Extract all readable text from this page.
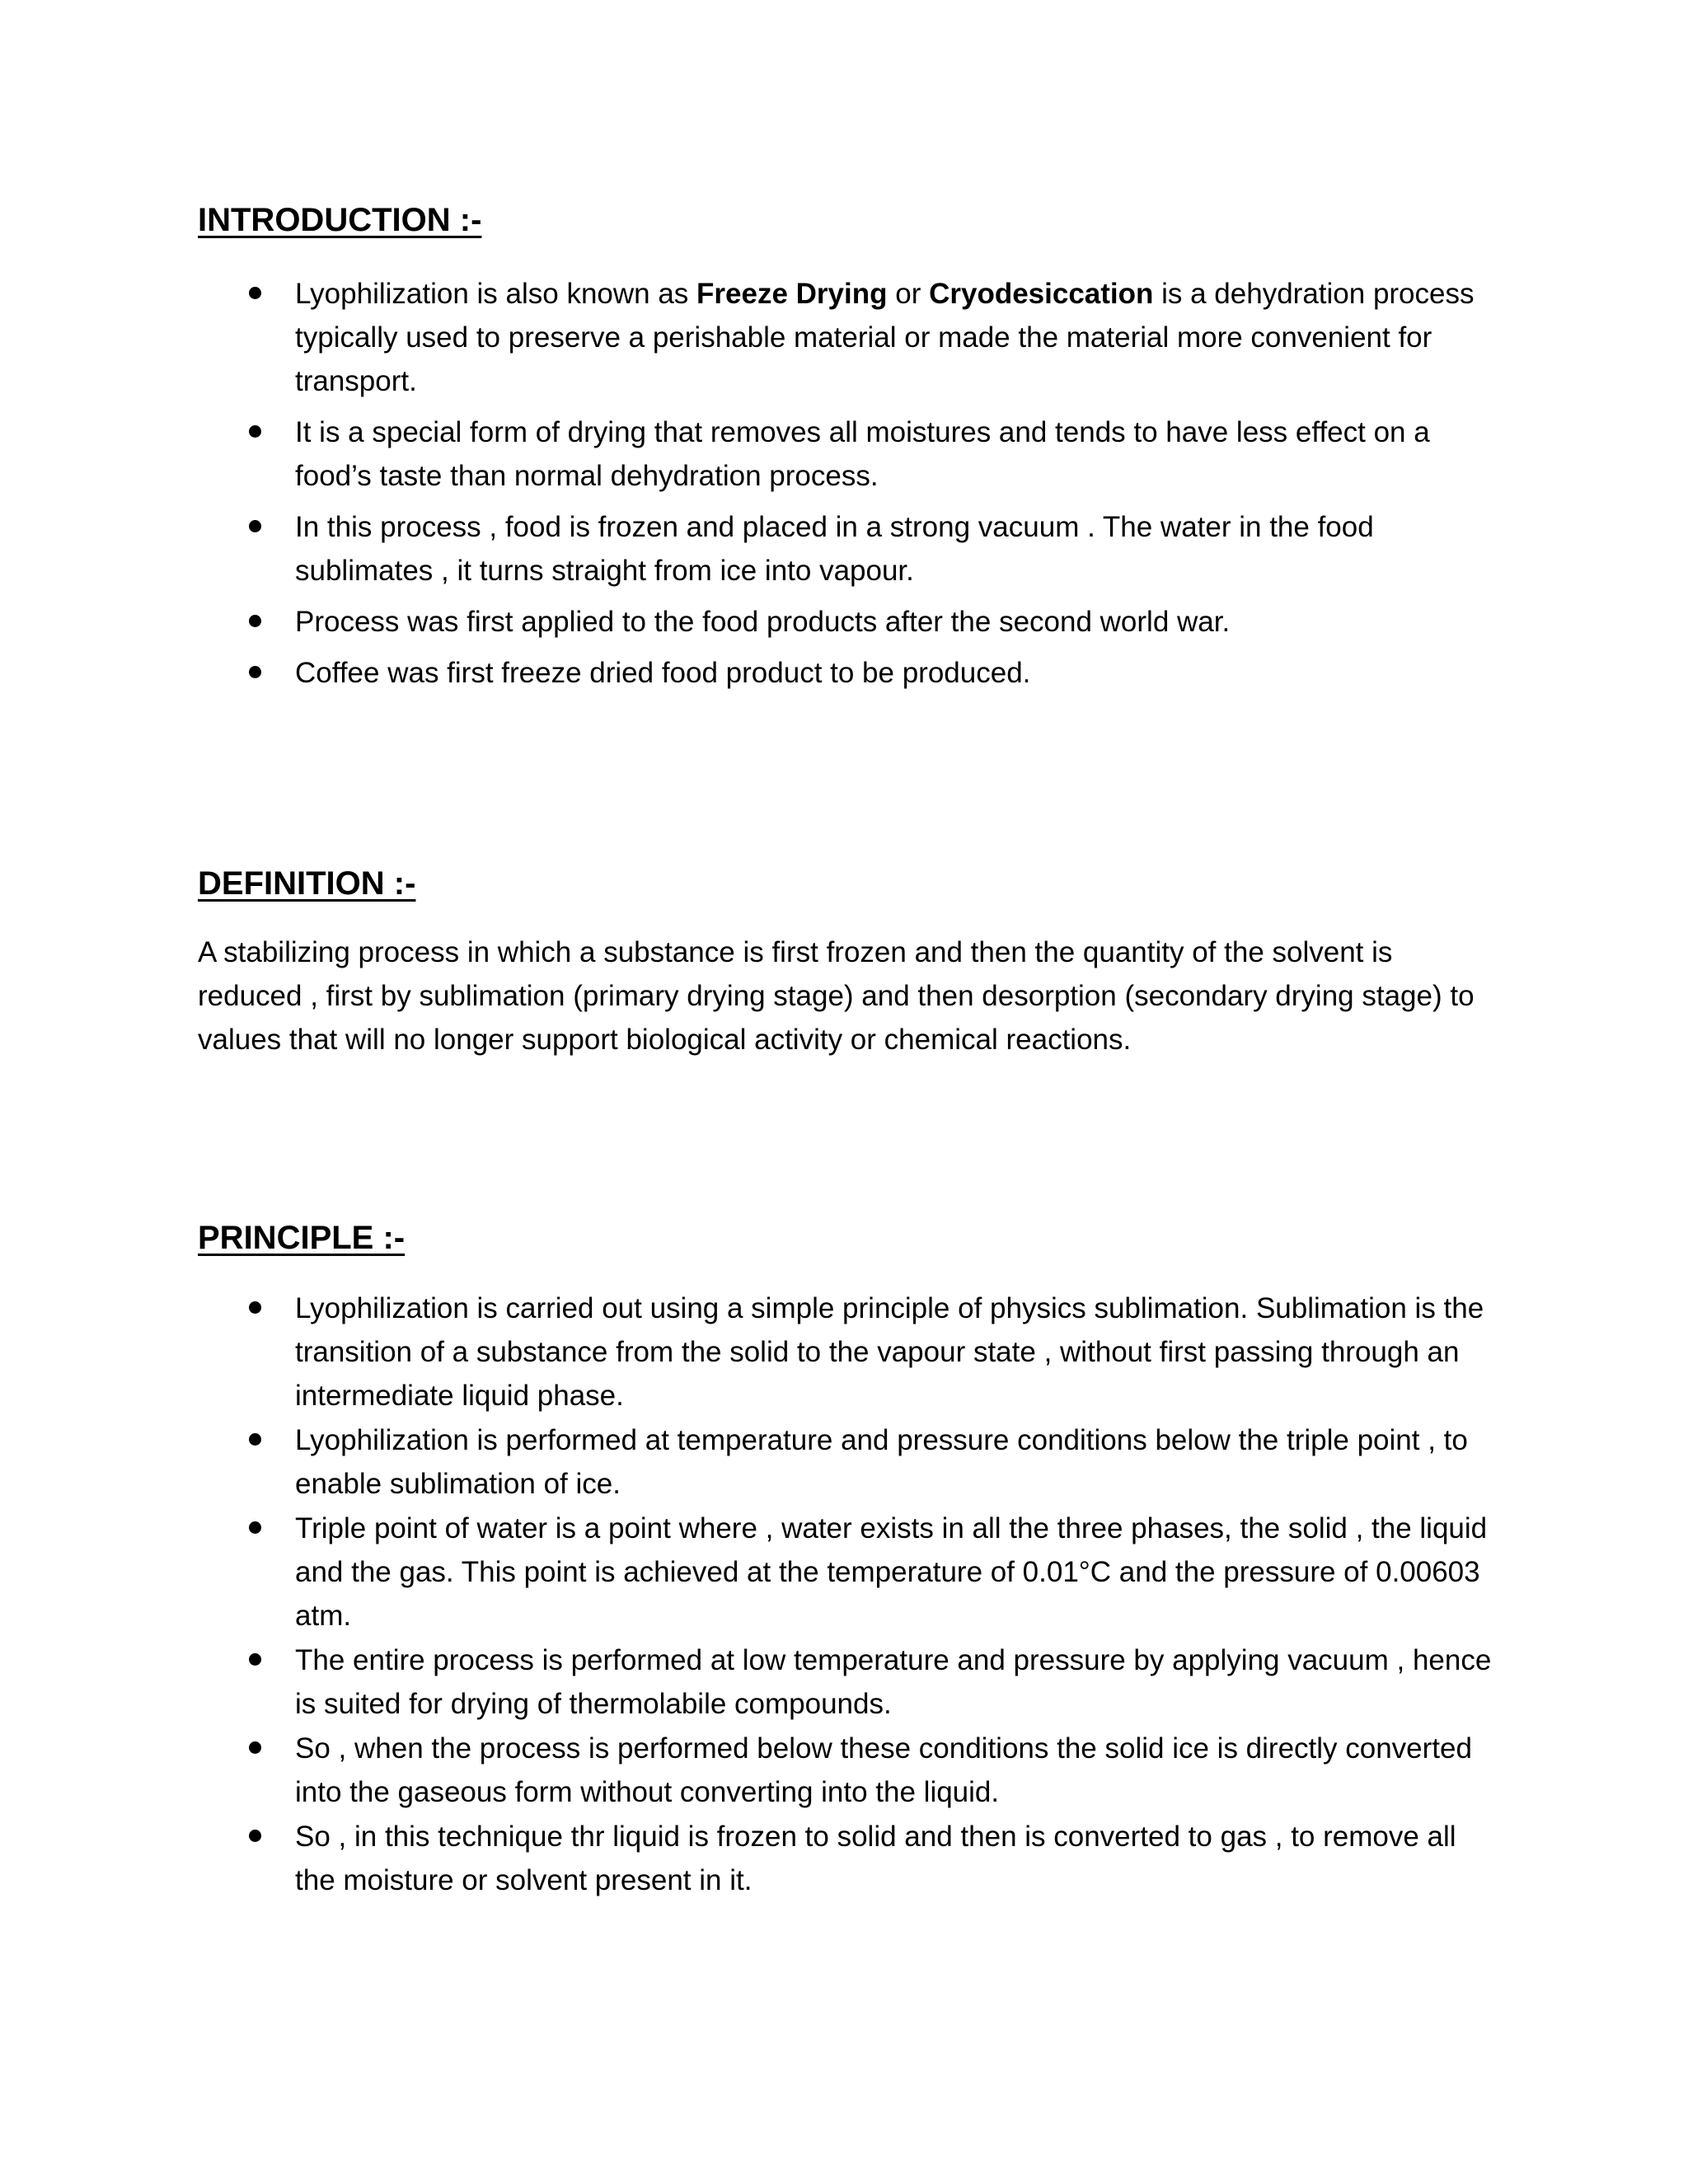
INTRODUCTION :-
Lyophilization is also known as Freeze Drying or Cryodesiccation is a dehydration process typically used to preserve a perishable material or made the material more convenient for transport.
It is a special form of drying that removes all moistures and tends to have less effect on a food’s taste than normal dehydration process.
In this process , food is frozen and placed in a strong vacuum . The water in the food sublimates , it turns straight from ice into vapour.
Process was first applied to the food products after the second world war.
Coffee was first freeze dried food product to be produced.
DEFINITION :-

A stabilizing process in which a substance is first frozen and then the quantity of the solvent is reduced , first by sublimation (primary drying stage) and then desorption (secondary drying stage) to values that will no longer support biological activity or chemical reactions.

PRINCIPLE :-
Lyophilization is carried out using a simple principle of physics sublimation. Sublimation is the transition of a substance from the solid to the vapour state , without first passing through an intermediate liquid phase.
Lyophilization is performed at temperature and pressure conditions below the triple point , to enable sublimation of ice.
Triple point of water is a point where , water exists in all the three phases, the solid , the liquid and the gas. This point is achieved at the temperature of 0.01°C and the pressure of 0.00603 atm.
The entire process is performed at low temperature and pressure by applying vacuum , hence is suited for drying of thermolabile compounds.
So , when the process is performed below these conditions the solid ice is directly converted into the gaseous form without converting into the liquid.
So , in this technique thr liquid is frozen to solid and then is converted to gas , to remove all the moisture or solvent present in it.
